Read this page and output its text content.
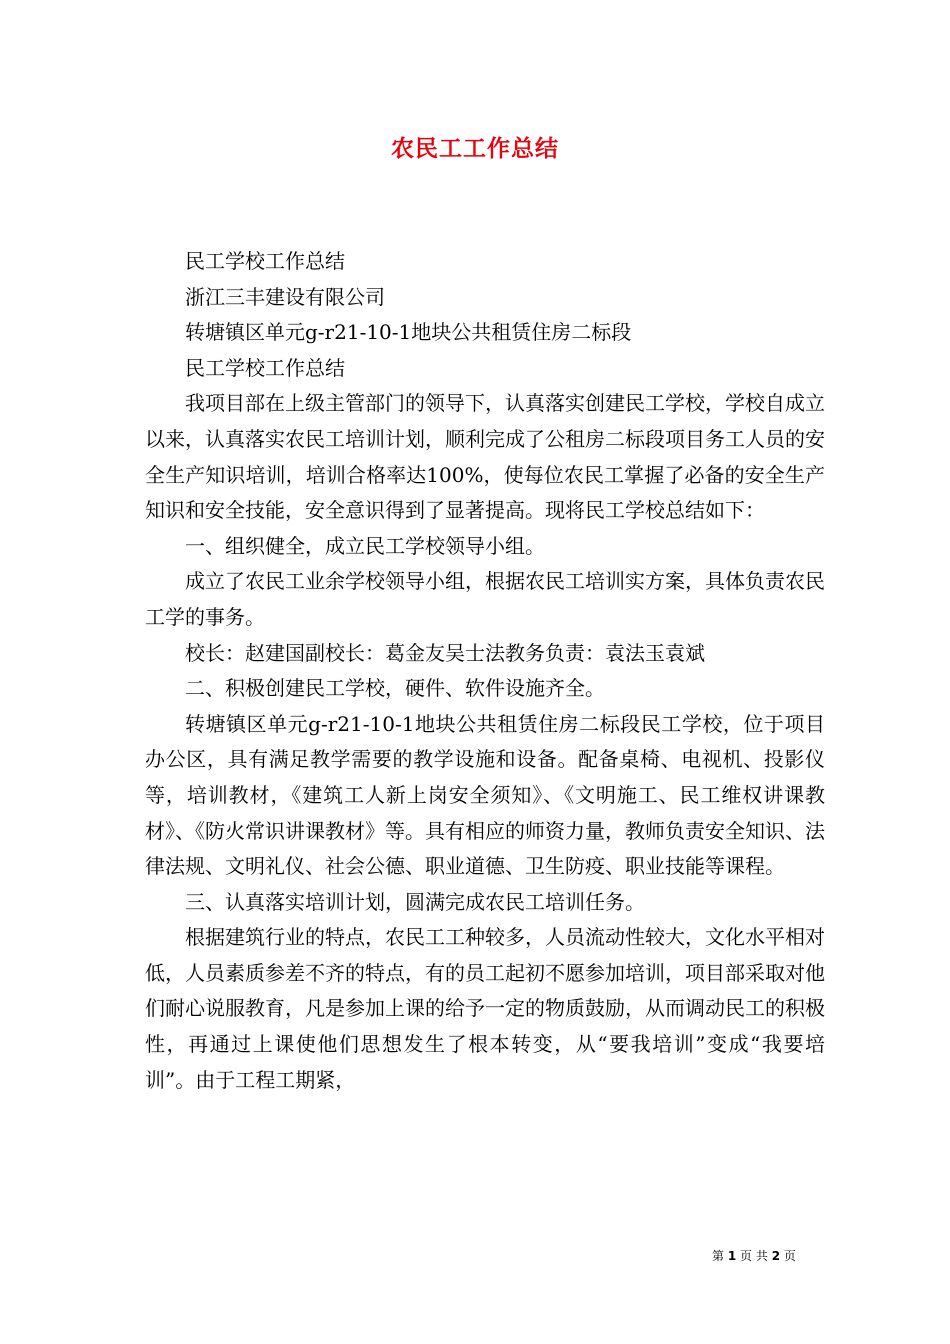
农民工工作总结

民工学校工作总结

浙江三丰建设有限公司

转塘镇区单元g-r21-10-1地块公共租赁住房二标段

民工学校工作总结

我项目部在上级主管部门的领导下，认真落实创建民工学校，学校自成立以来，认真落实农民工培训计划，顺利完成了公租房二标段项目务工人员的安全生产知识培训，培训合格率达100%，使每位农民工掌握了必备的安全生产知识和安全技能，安全意识得到了显著提高。现将民工学校总结如下：

一、组织健全，成立民工学校领导小组。

成立了农民工业余学校领导小组，根据农民工培训实方案，具体负责农民工学的事务。

校长：赵建国副校长：葛金友吴士法教务负责：袁法玉袁斌

二、积极创建民工学校，硬件、软件设施齐全。

转塘镇区单元g-r21-10-1地块公共租赁住房二标段民工学校，位于项目办公区，具有满足教学需要的教学设施和设备。配备桌椅、电视机、投影仪等，培训教材，《建筑工人新上岗安全须知》、《文明施工、民工维权讲课教材》、《防火常识讲课教材》等。具有相应的师资力量，教师负责安全知识、法律法规、文明礼仪、社会公德、职业道德、卫生防疫、职业技能等课程。

三、认真落实培训计划，圆满完成农民工培训任务。

根据建筑行业的特点，农民工工种较多，人员流动性较大，文化水平相对低，人员素质参差不齐的特点，有的员工起初不愿参加培训，项目部采取对他们耐心说服教育，凡是参加上课的给予一定的物质鼓励，从而调动民工的积极性，再通过上课使他们思想发生了根本转变，从“要我培训”变成“我要培训”。由于工程工期紧，

第 1 页 共 2 页
